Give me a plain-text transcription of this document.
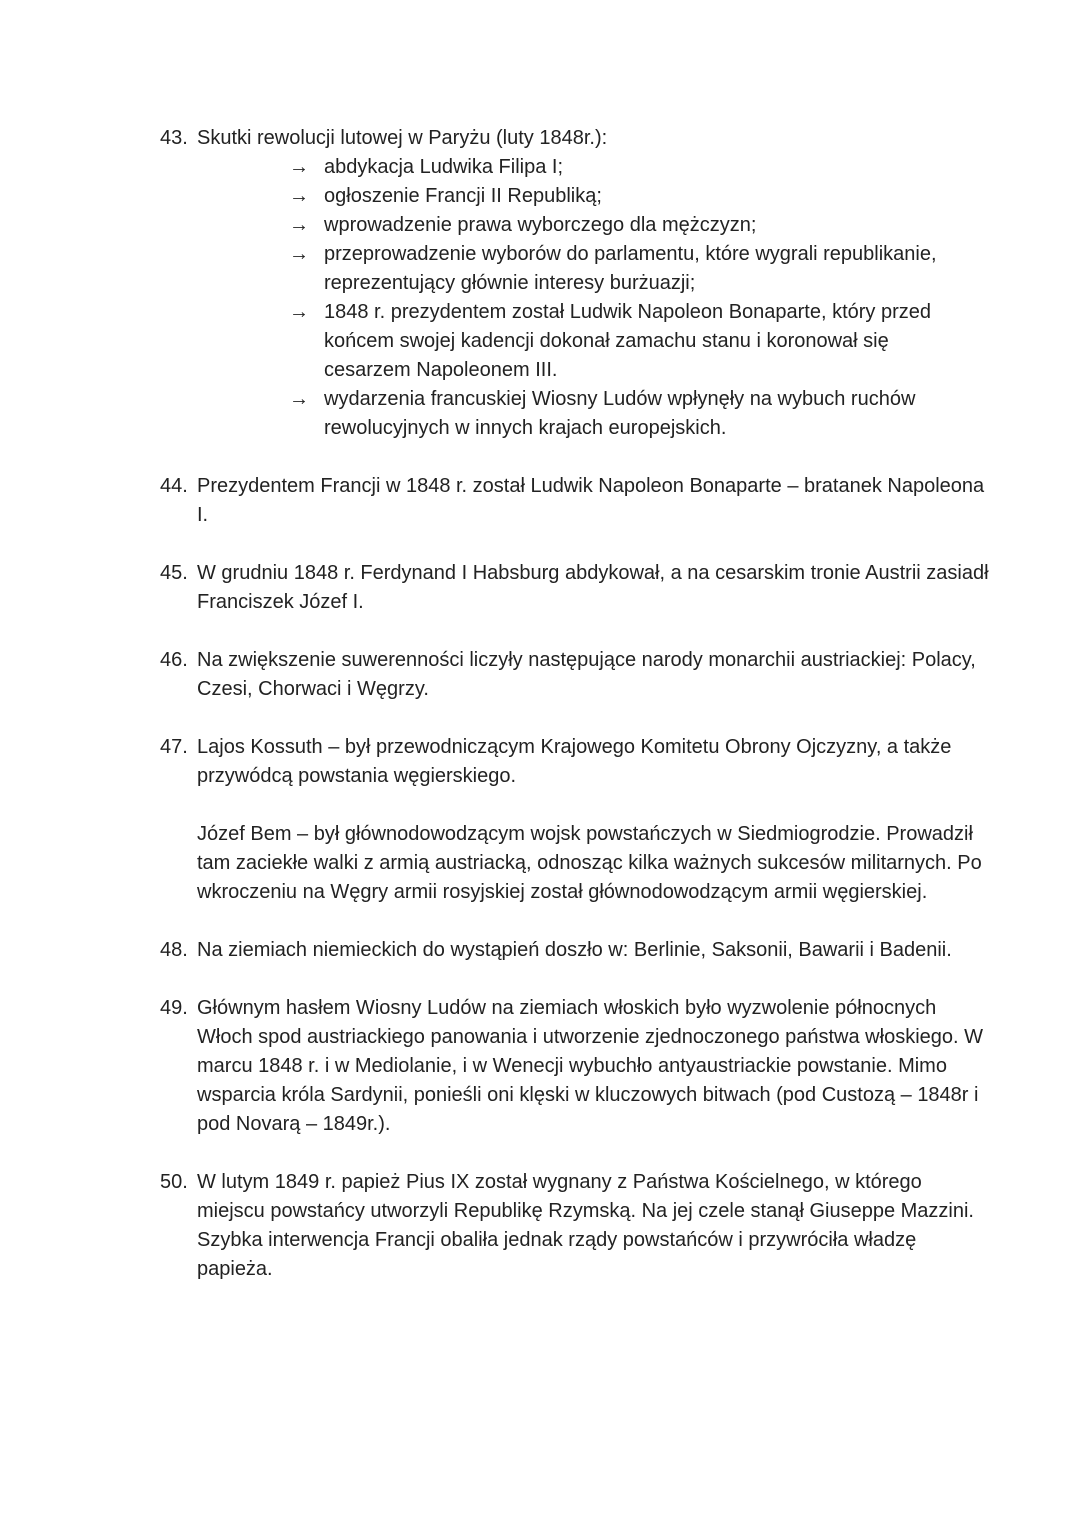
43. Skutki rewolucji lutowej w Paryżu (luty 1848r.):

→ abdykacja Ludwika Filipa I;
→ ogłoszenie Francji II Republiką;
→ wprowadzenie prawa wyborczego dla mężczyzn;
→ przeprowadzenie wyborów do parlamentu, które wygrali republikanie, reprezentujący głównie interesy burżuazji;
→ 1848 r. prezydentem został Ludwik Napoleon Bonaparte, który przed końcem swojej kadencji dokonał zamachu stanu i koronował się cesarzem Napoleonem III.
→ wydarzenia francuskiej Wiosny Ludów wpłynęły na wybuch ruchów rewolucyjnych w innych krajach europejskich.
44. Prezydentem Francji w 1848 r. został Ludwik Napoleon Bonaparte – bratanek Napoleona I.

45. W grudniu 1848 r. Ferdynand I Habsburg abdykował, a na cesarskim tronie Austrii zasiadł Franciszek Józef I.

46. Na zwiększenie suwerenności liczyły następujące narody monarchii austriackiej: Polacy, Czesi, Chorwaci i Węgrzy.

47. Lajos Kossuth – był przewodniczącym Krajowego Komitetu Obrony Ojczyzny, a także przywódcą powstania węgierskiego.

Józef Bem – był głównodowodzącym wojsk powstańczych w Siedmiogrodzie. Prowadził tam zaciekłe walki z armią austriacką, odnosząc kilka ważnych sukcesów militarnych. Po wkroczeniu na Węgry armii rosyjskiej został głównodowodzącym armii węgierskiej.

48. Na ziemiach niemieckich do wystąpień doszło w: Berlinie, Saksonii, Bawarii i Badenii.

49. Głównym hasłem Wiosny Ludów na ziemiach włoskich było wyzwolenie północnych Włoch spod austriackiego panowania i utworzenie zjednoczonego państwa włoskiego. W marcu 1848 r. i w Mediolanie, i w Wenecji wybuchło antyaustriackie powstanie. Mimo wsparcia króla Sardynii, ponieśli oni klęski w kluczowych bitwach (pod Custozą – 1848r i pod Novarą – 1849r.).

50. W lutym 1849 r. papież Pius IX został wygnany z Państwa Kościelnego, w którego miejscu powstańcy utworzyli Republikę Rzymską. Na jej czele stanął Giuseppe Mazzini. Szybka interwencja Francji obaliła jednak rządy powstańców i przywróciła władzę papieża.
